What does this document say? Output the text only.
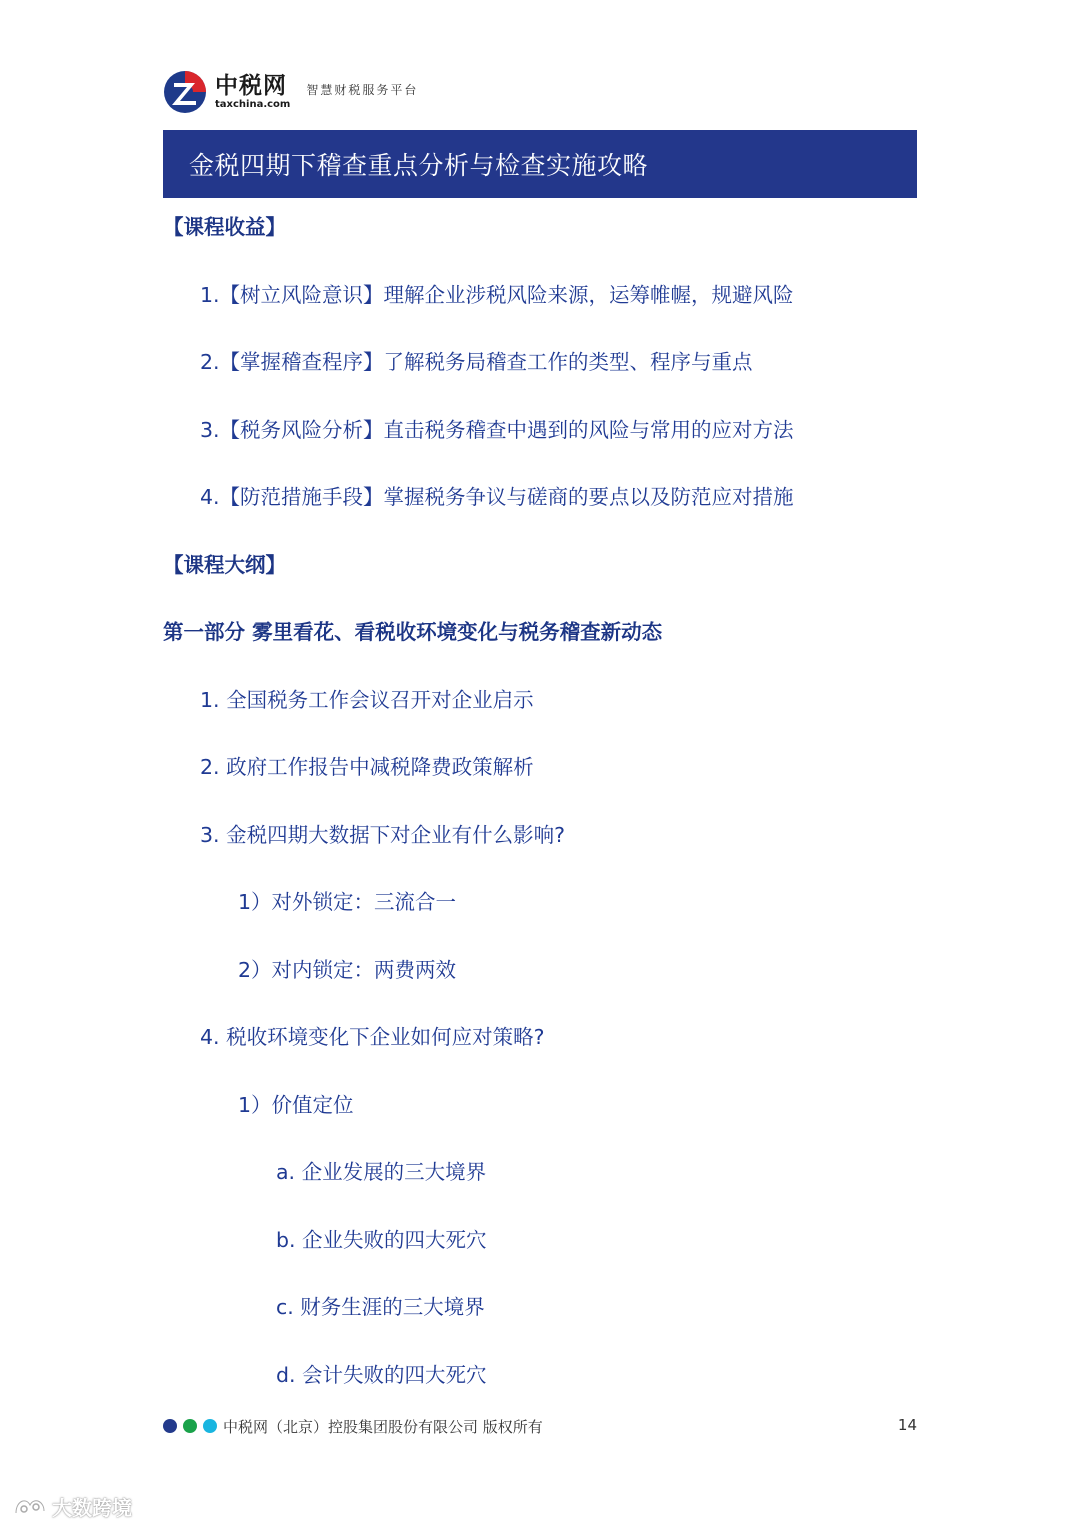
中税网
taxchina.com
智慧财税服务平台
金税四期下稽查重点分析与检查实施攻略
【课程收益】
1.【树立风险意识】理解企业涉税风险来源，运筹帷幄，规避风险
2.【掌握稽查程序】了解税务局稽查工作的类型、程序与重点
3.【税务风险分析】直击税务稽查中遇到的风险与常用的应对方法
4.【防范措施手段】掌握税务争议与磋商的要点以及防范应对措施
【课程大纲】
第一部分 雾里看花、看税收环境变化与税务稽查新动态
1. 全国税务工作会议召开对企业启示
2. 政府工作报告中减税降费政策解析
3. 金税四期大数据下对企业有什么影响?
1）对外锁定：三流合一
2）对内锁定：两费两效
4. 税收环境变化下企业如何应对策略?
1）价值定位
a. 企业发展的三大境界
b. 企业失败的四大死穴
c. 财务生涯的三大境界
d. 会计失败的四大死穴
中税网（北京）控股集团股份有限公司 版权所有	14
大数跨境
